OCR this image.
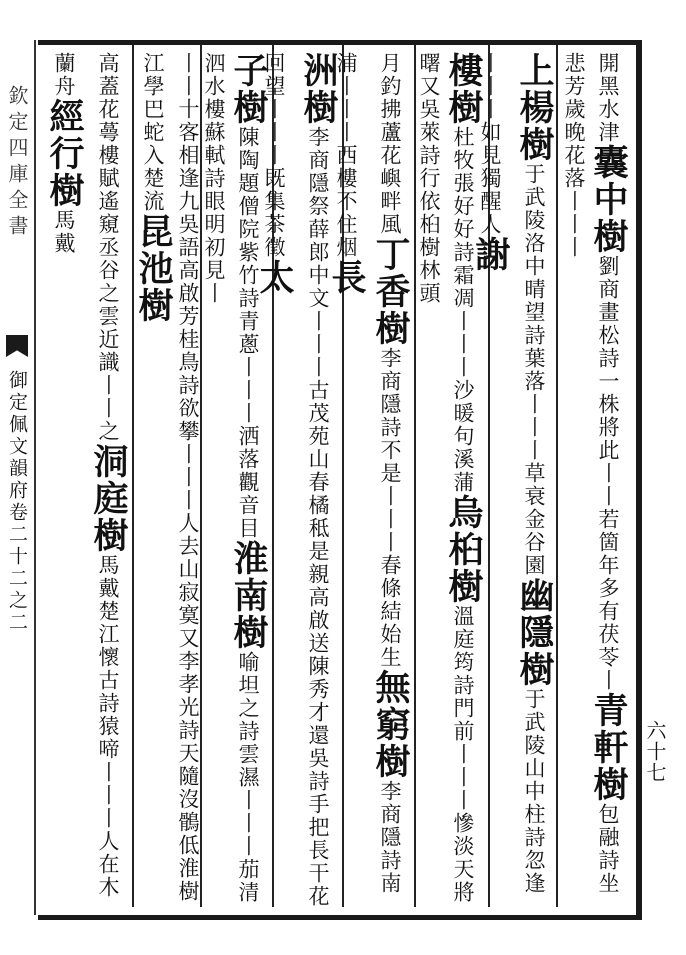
欽定四庫全書
御定佩文韻府卷二十二之二
開黑水津囊中樹劉商畫松詩一株將此丨丨若箇年多有茯苓丨青軒樹包融詩坐悲芳歲晚花落丨丨丨
上楊樹于武陵洛中晴望詩葉落丨丨丨草衰金谷園幽隱樹于武陵山中柱詩忽逢丨丨丨如見獨醒人謝
樓樹杜牧張好好詩霜凋丨丨丨沙暖句溪蒲烏桕樹溫庭筠詩門前丨丨丨慘淡天將曙又吳萊詩行依桕樹林頭
月釣拂蘆花嶼畔風丁香樹李商隱詩不是丨丨丨春條結始生無窮樹李商隱詩南浦丨丨丨西樓不住烟長
洲樹李商隱祭薛郎中文丨丨丨古茂苑山春橘秪是親高啟送陳秀才還吳詩手把長干花回望丨丨丨既集茶徵太
子樹陳陶題僧院紫竹詩青蔥丨丨丨洒落觀音目淮南樹喻坦之詩雲濕丨丨丨茄清泗水樓蘇軾詩眼明初見丨
丨丨十客相逢九吳語高啟芳桂鳥詩欲攀丨丨丨人去山寂寞又李孝光詩天隨沒鶻低淮樹江學巴蛇入楚流昆池樹
高蓋花蕚樓賦遙窺丞谷之雲近識丨丨之洞庭樹馬戴楚江懷古詩猿啼丨丨丨人在木蘭舟經行樹馬戴
六十七
